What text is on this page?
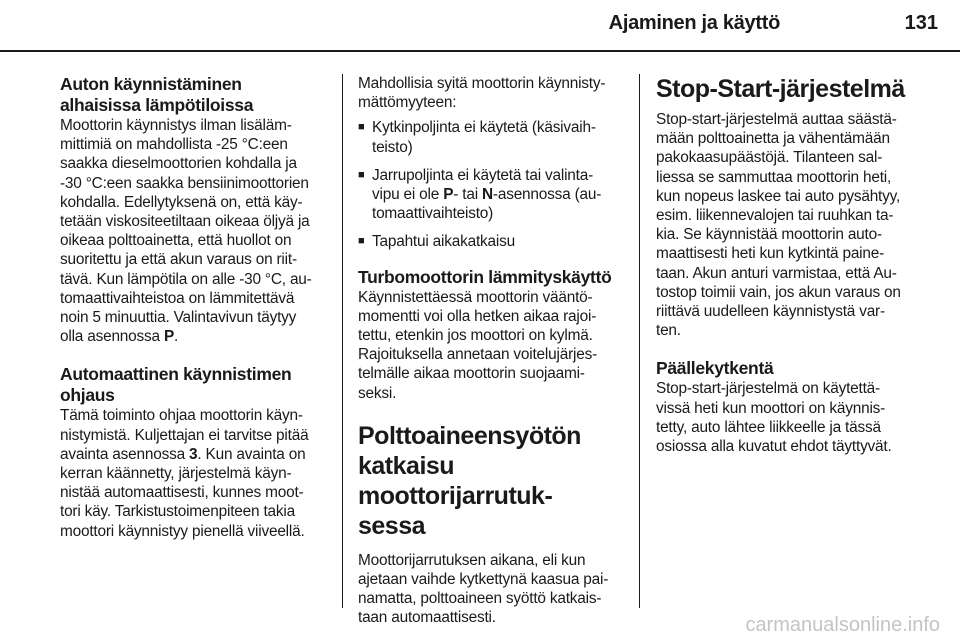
Ajaminen ja käyttö	131
Auton käynnistäminen
alhaisissa lämpötiloissa
Moottorin käynnistys ilman lisäläm-
mittimiä on mahdollista -25 °C:een
saakka dieselmoottorien kohdalla ja
-30 °C:een saakka bensiinimoottorien
kohdalla. Edellytyksenä on, että käy-
tetään viskositeetiltaan oikeaa öljyä ja
oikeaa polttoainetta, että huollot on
suoritettu ja että akun varaus on riit-
tävä. Kun lämpötila on alle -30 °C, au-
tomaattivaihteistoa on lämmitettävä
noin 5 minuuttia. Valintavivun täytyy
olla asennossa P.
Automaattinen käynnistimen
ohjaus
Tämä toiminto ohjaa moottorin käyn-
nistymistä. Kuljettajan ei tarvitse pitää
avainta asennossa 3. Kun avainta on
kerran käännetty, järjestelmä käyn-
nistää automaattisesti, kunnes moot-
tori käy. Tarkistustoimenpiteen takia
moottori käynnistyy pienellä viiveellä.
Mahdollisia syitä moottorin käynnisty-
mättömyyteen:
■ Kytkinpoljinta ei käytetä (käsivaih-
teisto)
■ Jarrupoljinta ei käytetä tai valinta-
vipu ei ole P- tai N-asennossa (au-
tomaattivaihteisto)
■ Tapahtui aikakatkaisu
Turbomoottorin lämmityskäyttö
Käynnistettäessä moottorin vääntö-
momentti voi olla hetken aikaa rajoi-
tettu, etenkin jos moottori on kylmä.
Rajoituksella annetaan voitelujärjes-
telmälle aikaa moottorin suojaami-
seksi.
Polttoaineensyötön
katkaisu moottorijarrutuk-
sessa
Moottorijarrutuksen aikana, eli kun
ajetaan vaihde kytkettynä kaasua pai-
namatta, polttoaineen syöttö katkais-
taan automaattisesti.
Stop-Start-järjestelmä
Stop-start-järjestelmä auttaa säästä-
mään polttoainetta ja vähentämään
pakokaasupäästöjä. Tilanteen sal-
liessa se sammuttaa moottorin heti,
kun nopeus laskee tai auto pysähtyy,
esim. liikennevalojen tai ruuhkan ta-
kia. Se käynnistää moottorin auto-
maattisesti heti kun kytkintä paine-
taan. Akun anturi varmistaa, että Au-
tostop toimii vain, jos akun varaus on
riittävä uudelleen käynnistystä var-
ten.
Päällekytkentä
Stop-start-järjestelmä on käytettä-
vissä heti kun moottori on käynnis-
tetty, auto lähtee liikkeelle ja tässä
osiossa alla kuvatut ehdot täyttyvät.
carmanualsonline.info
